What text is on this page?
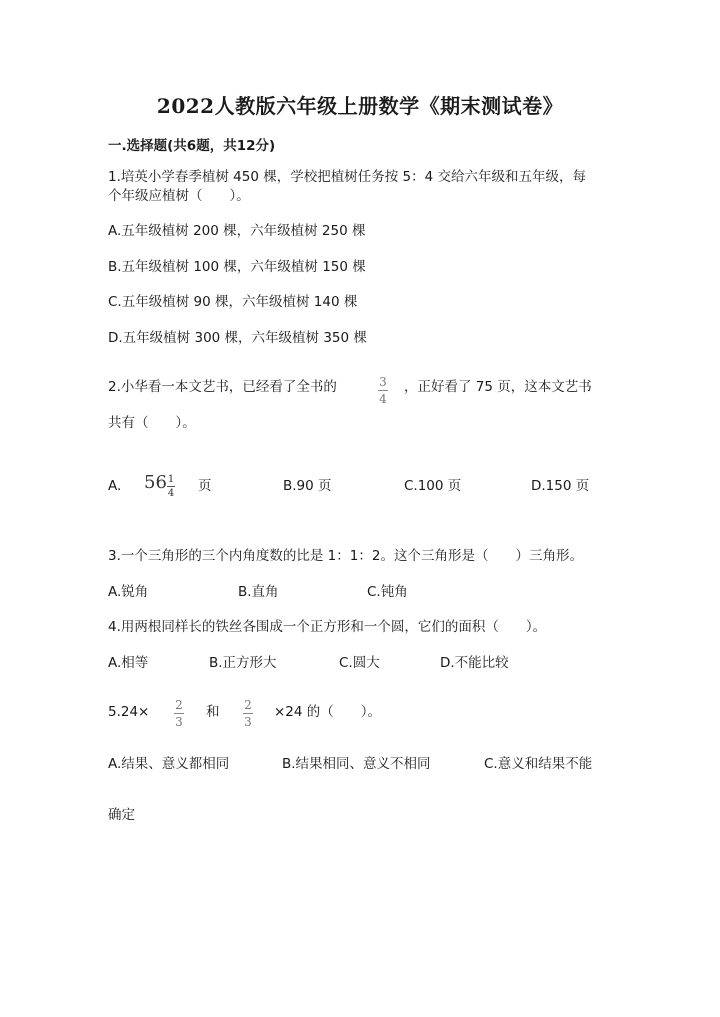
2022人教版六年级上册数学《期末测试卷》
一.选择题(共6题，共12分)
1.培英小学春季植树 450 棵，学校把植树任务按 5：4 交给六年级和五年级，每
个年级应植树（　　）。
A.五年级植树 200 棵，六年级植树 250 棵
B.五年级植树 100 棵，六年级植树 150 棵
C.五年级植树 90 棵，六年级植树 140 棵
D.五年级植树 300 棵，六年级植树 350 棵
2.小华看一本文艺书，已经看了全书的	3
4
，正好看了 75 页，这本文艺书
共有（　　）。
A. 56 1
4 页	B.90 页	C.100 页	D.150 页
3.一个三角形的三个内角度数的比是 1：1：2。这个三角形是（　　）三角形。
A.锐角	B.直角	C.钝角
4.用两根同样长的铁丝各围成一个正方形和一个圆，它们的面积（　　）。
A.相等	B.正方形大	C.圆大	D.不能比较
5.24× 2
3
和 2
3
×24 的（　　）。
A.结果、意义都相同	B.结果相同、意义不相同	C.意义和结果不能
确定
